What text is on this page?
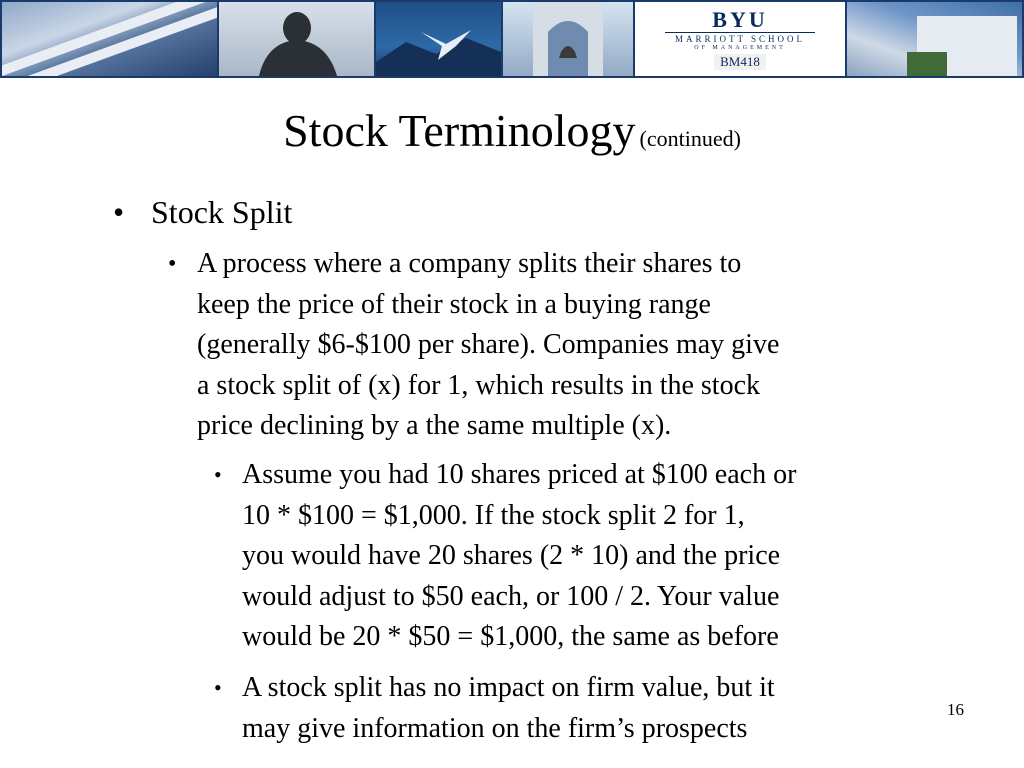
BYU
MARRIOTT SCHOOL
OF MANAGEMENT
BM418
Stock Terminology (continued)
• Stock Split
• A process where a company splits their shares to
keep the price of their stock in a buying range
(generally $6-$100 per share). Companies may give
a stock split of (x) for 1, which results in the stock
price declining by a the same multiple (x).
• Assume you had 10 shares priced at $100 each or
10 * $100 = $1,000. If the stock split 2 for 1,
you would have 20 shares (2 * 10) and the price
would adjust to $50 each, or 100 / 2. Your value
would be 20 * $50 = $1,000, the same as before
• A stock split has no impact on firm value, but it
may give information on the firm’s prospects
16
